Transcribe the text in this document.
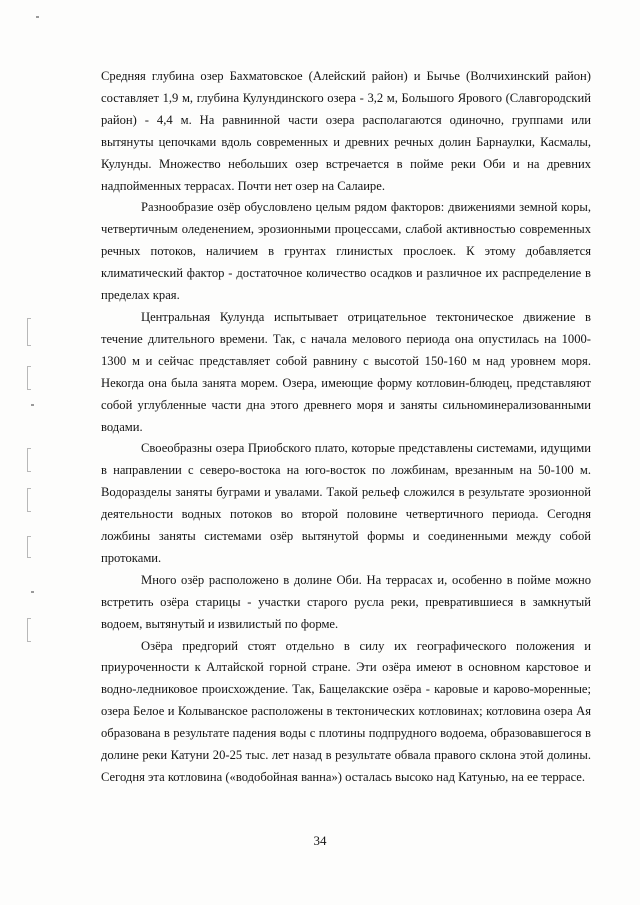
Средняя глубина озер Бахматовское (Алейский район) и Бычье (Волчихинский район) составляет 1,9 м, глубина Кулундинского озера - 3,2 м, Большого Ярового (Славгородский район) - 4,4 м. На равнинной части озера располагаются одиночно, группами или вытянуты цепочками вдоль современных и древних речных долин Барнаулки, Касмалы, Кулунды. Множество небольших озер встречается в пойме реки Оби и на древних надпойменных террасах. Почти нет озер на Салаире.

Разнообразие озёр обусловлено целым рядом факторов: движениями земной коры, четвертичным оледенением, эрозионными процессами, слабой активностью современных речных потоков, наличием в грунтах глинистых прослоек. К этому добавляется климатический фактор - достаточное количество осадков и различное их распределение в пределах края.

Центральная Кулунда испытывает отрицательное тектоническое движение в течение длительного времени. Так, с начала мелового периода она опустилась на 1000-1300 м и сейчас представляет собой равнину с высотой 150-160 м над уровнем моря. Некогда она была занята морем. Озера, имеющие форму котловин-блюдец, представляют собой углубленные части дна этого древнего моря и заняты сильноминерализованными водами.

Своеобразны озера Приобского плато, которые представлены системами, идущими в направлении с северо-востока на юго-восток по ложбинам, врезанным на 50-100 м. Водоразделы заняты буграми и увалами. Такой рельеф сложился в результате эрозионной деятельности водных потоков во второй половине четвертичного периода. Сегодня ложбины заняты системами озёр вытянутой формы и соединенными между собой протоками.

Много озёр расположено в долине Оби. На террасах и, особенно в пойме можно встретить озёра старицы - участки старого русла реки, превратившиеся в замкнутый водоем, вытянутый и извилистый по форме.

Озёра предгорий стоят отдельно в силу их географического положения и приуроченности к Алтайской горной стране. Эти озёра имеют в основном карстовое и водно-ледниковое происхождение. Так, Бащелакские озёра - каровые и карово-моренные; озера Белое и Колыванское расположены в тектонических котловинах; котловина озера Ая образована в результате падения воды с плотины подпрудного водоема, образовавшегося в долине реки Катуни 20-25 тыс. лет назад в результате обвала правого склона этой долины. Сегодня эта котловина («водобойная ванна») осталась высоко над Катунью, на ее террасе.

34
